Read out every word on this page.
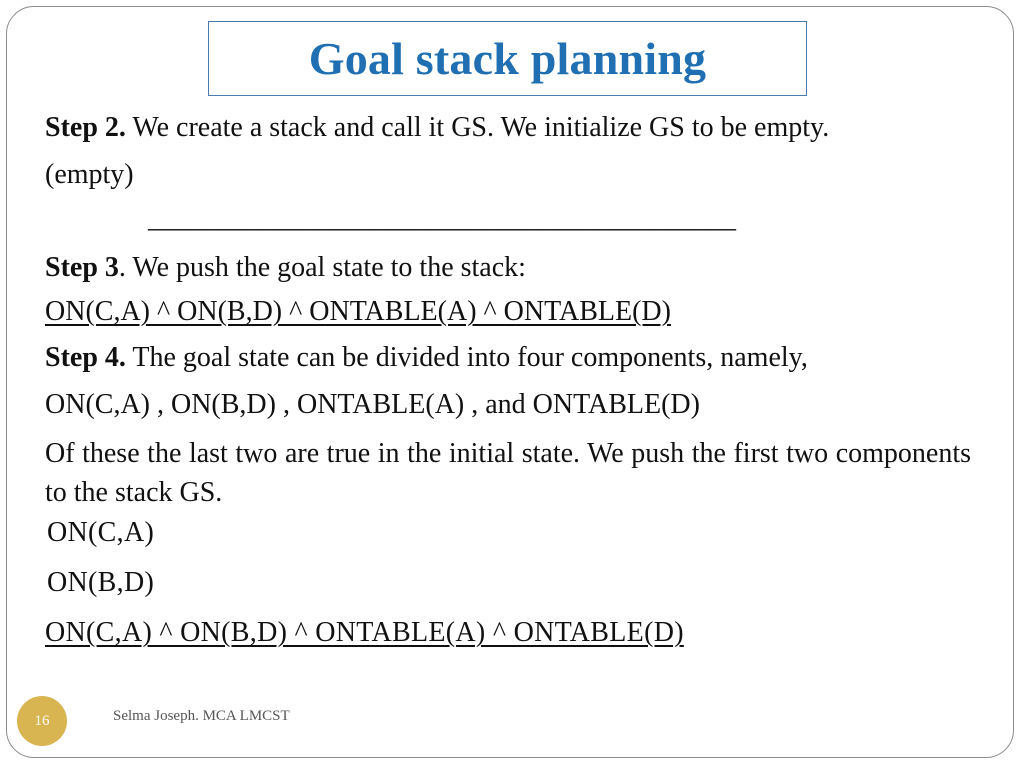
Goal stack planning
Step 2. We create a stack and call it GS. We initialize GS to be empty.
(empty)
__________________________________________
Step 3. We push the goal state to the stack:
ON(C,A) ^ ON(B,D) ^ ONTABLE(A) ^ ONTABLE(D)
Step 4. The goal state can be divided into four components, namely,
ON(C,A) , ON(B,D) , ONTABLE(A) , and ONTABLE(D)
Of these the last two are true in the initial state. We push the first two components to the stack GS.
ON(C,A)
ON(B,D)
ON(C,A) ^ ON(B,D) ^ ONTABLE(A) ^ ONTABLE(D)
16	Selma Joseph. MCA LMCST
